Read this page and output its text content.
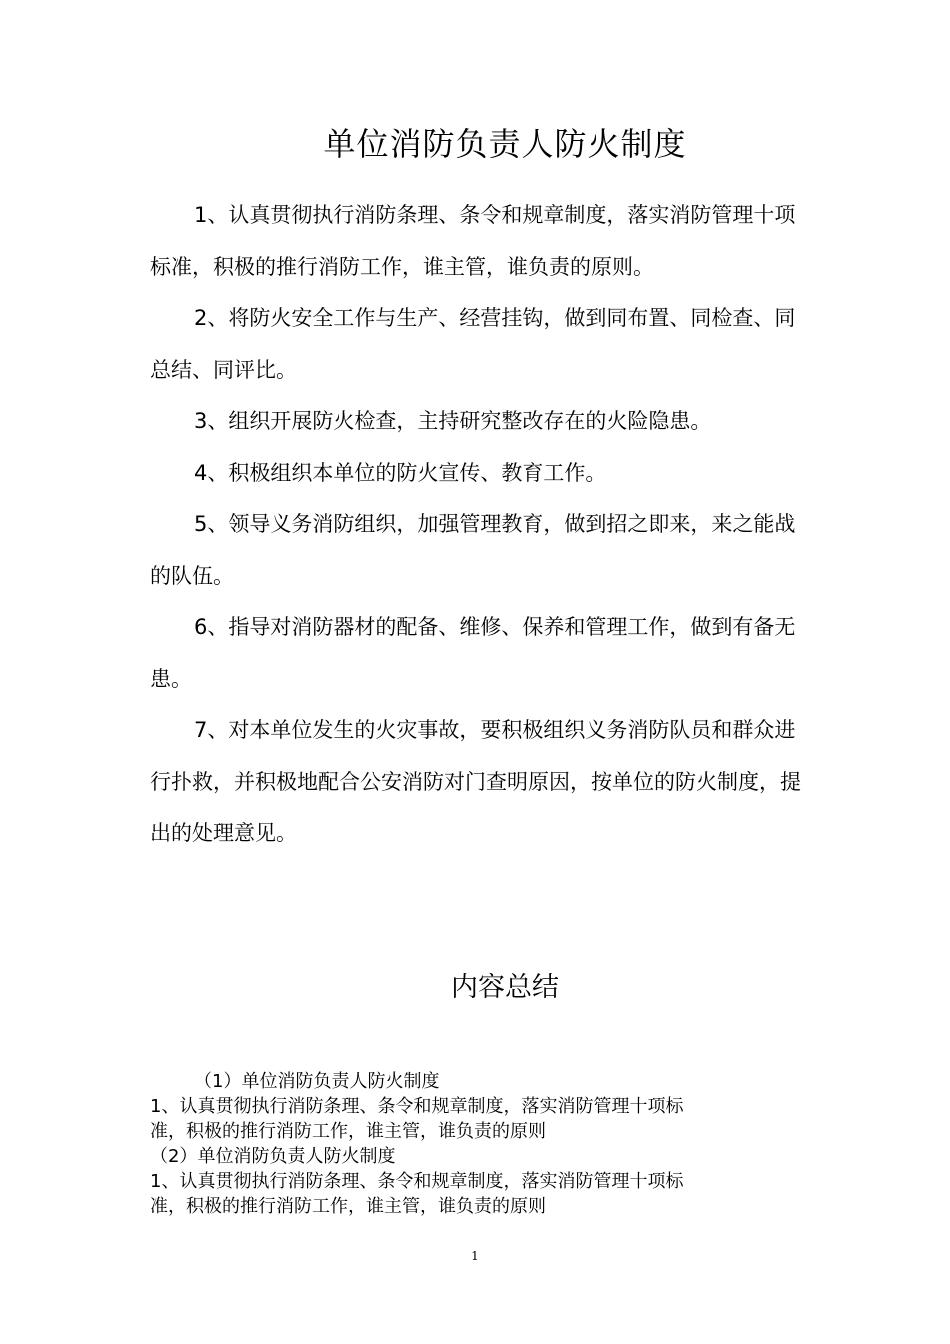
单位消防负责人防火制度

1、认真贯彻执行消防条理、条令和规章制度，落实消防管理十项标准，积极的推行消防工作，谁主管，谁负责的原则。

2、将防火安全工作与生产、经营挂钩，做到同布置、同检查、同总结、同评比。

3、组织开展防火检查，主持研究整改存在的火险隐患。

4、积极组织本单位的防火宣传、教育工作。

5、领导义务消防组织，加强管理教育，做到招之即来，来之能战的队伍。

6、指导对消防器材的配备、维修、保养和管理工作，做到有备无患。

7、对本单位发生的火灾事故，要积极组织义务消防队员和群众进行扑救，并积极地配合公安消防对门查明原因，按单位的防火制度，提出的处理意见。

内容总结

（1）单位消防负责人防火制度

1、认真贯彻执行消防条理、条令和规章制度，落实消防管理十项标

准，积极的推行消防工作，谁主管，谁负责的原则

（2）单位消防负责人防火制度

1、认真贯彻执行消防条理、条令和规章制度，落实消防管理十项标

准，积极的推行消防工作，谁主管，谁负责的原则

1
